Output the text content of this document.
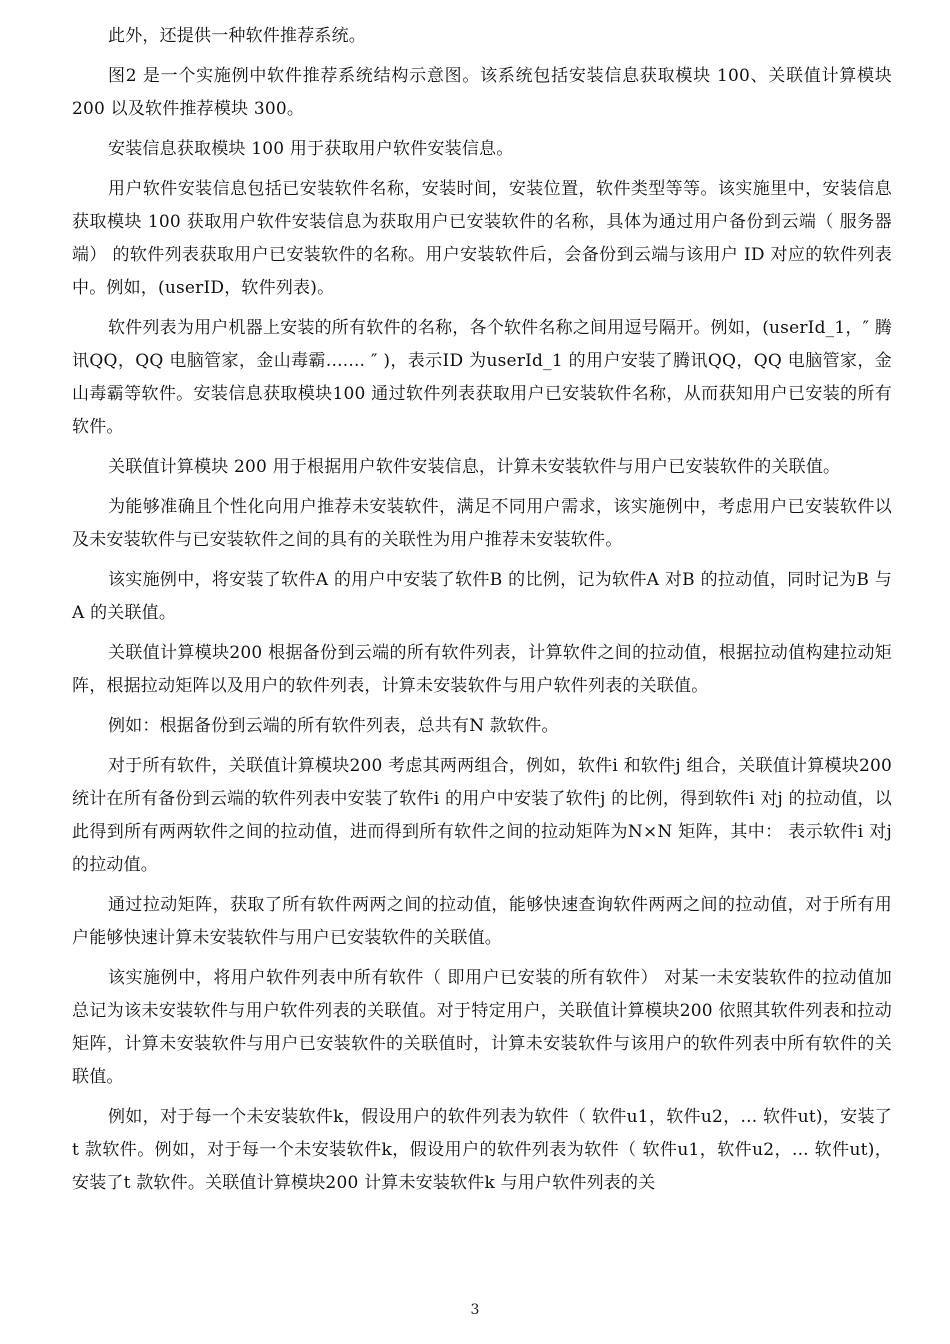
此外，还提供一种软件推荐系统。

图2 是一个实施例中软件推荐系统结构示意图。该系统包括安装信息获取模块 100、关联值计算模块 200 以及软件推荐模块 300。

安装信息获取模块 100 用于获取用户软件安装信息。

用户软件安装信息包括已安装软件名称，安装时间，安装位置，软件类型等等。该实施里中，安装信息获取模块 100 获取用户软件安装信息为获取用户已安装软件的名称，具体为通过用户备份到云端（ 服务器端） 的软件列表获取用户已安装软件的名称。用户安装软件后，会备份到云端与该用户 ID 对应的软件列表中。例如，(userID，软件列表)。

软件列表为用户机器上安装的所有软件的名称，各个软件名称之间用逗号隔开。例如，(userId_1，″ 腾讯QQ，QQ 电脑管家，金山毒霸....... ″ )，表示ID 为userId_1 的用户安装了腾讯QQ，QQ 电脑管家，金山毒霸等软件。安装信息获取模块100 通过软件列表获取用户已安装软件名称，从而获知用户已安装的所有软件。

关联值计算模块 200 用于根据用户软件安装信息，计算未安装软件与用户已安装软件的关联值。

为能够准确且个性化向用户推荐未安装软件，满足不同用户需求，该实施例中，考虑用户已安装软件以及未安装软件与已安装软件之间的具有的关联性为用户推荐未安装软件。

该实施例中，将安装了软件A 的用户中安装了软件B 的比例，记为软件A 对B 的拉动值，同时记为B 与A 的关联值。

关联值计算模块200 根据备份到云端的所有软件列表，计算软件之间的拉动值，根据拉动值构建拉动矩阵，根据拉动矩阵以及用户的软件列表，计算未安装软件与用户软件列表的关联值。

例如：根据备份到云端的所有软件列表，总共有N 款软件。

对于所有软件，关联值计算模块200 考虑其两两组合，例如，软件i 和软件j 组合，关联值计算模块200 统计在所有备份到云端的软件列表中安装了软件i 的用户中安装了软件j 的比例，得到软件i 对j 的拉动值，以此得到所有两两软件之间的拉动值，进而得到所有软件之间的拉动矩阵为N×N 矩阵，其中： 表示软件i 对j 的拉动值。

通过拉动矩阵，获取了所有软件两两之间的拉动值，能够快速查询软件两两之间的拉动值，对于所有用户能够快速计算未安装软件与用户已安装软件的关联值。

该实施例中，将用户软件列表中所有软件（ 即用户已安装的所有软件） 对某一未安装软件的拉动值加总记为该未安装软件与用户软件列表的关联值。对于特定用户，关联值计算模块200 依照其软件列表和拉动矩阵，计算未安装软件与用户已安装软件的关联值时，计算未安装软件与该用户的软件列表中所有软件的关联值。

例如，对于每一个未安装软件k，假设用户的软件列表为软件（ 软件u1，软件u2，... 软件ut)，安装了t 款软件。例如，对于每一个未安装软件k，假设用户的软件列表为软件（ 软件u1，软件u2，... 软件ut)，安装了t 款软件。关联值计算模块200 计算未安装软件k 与用户软件列表的关

3
